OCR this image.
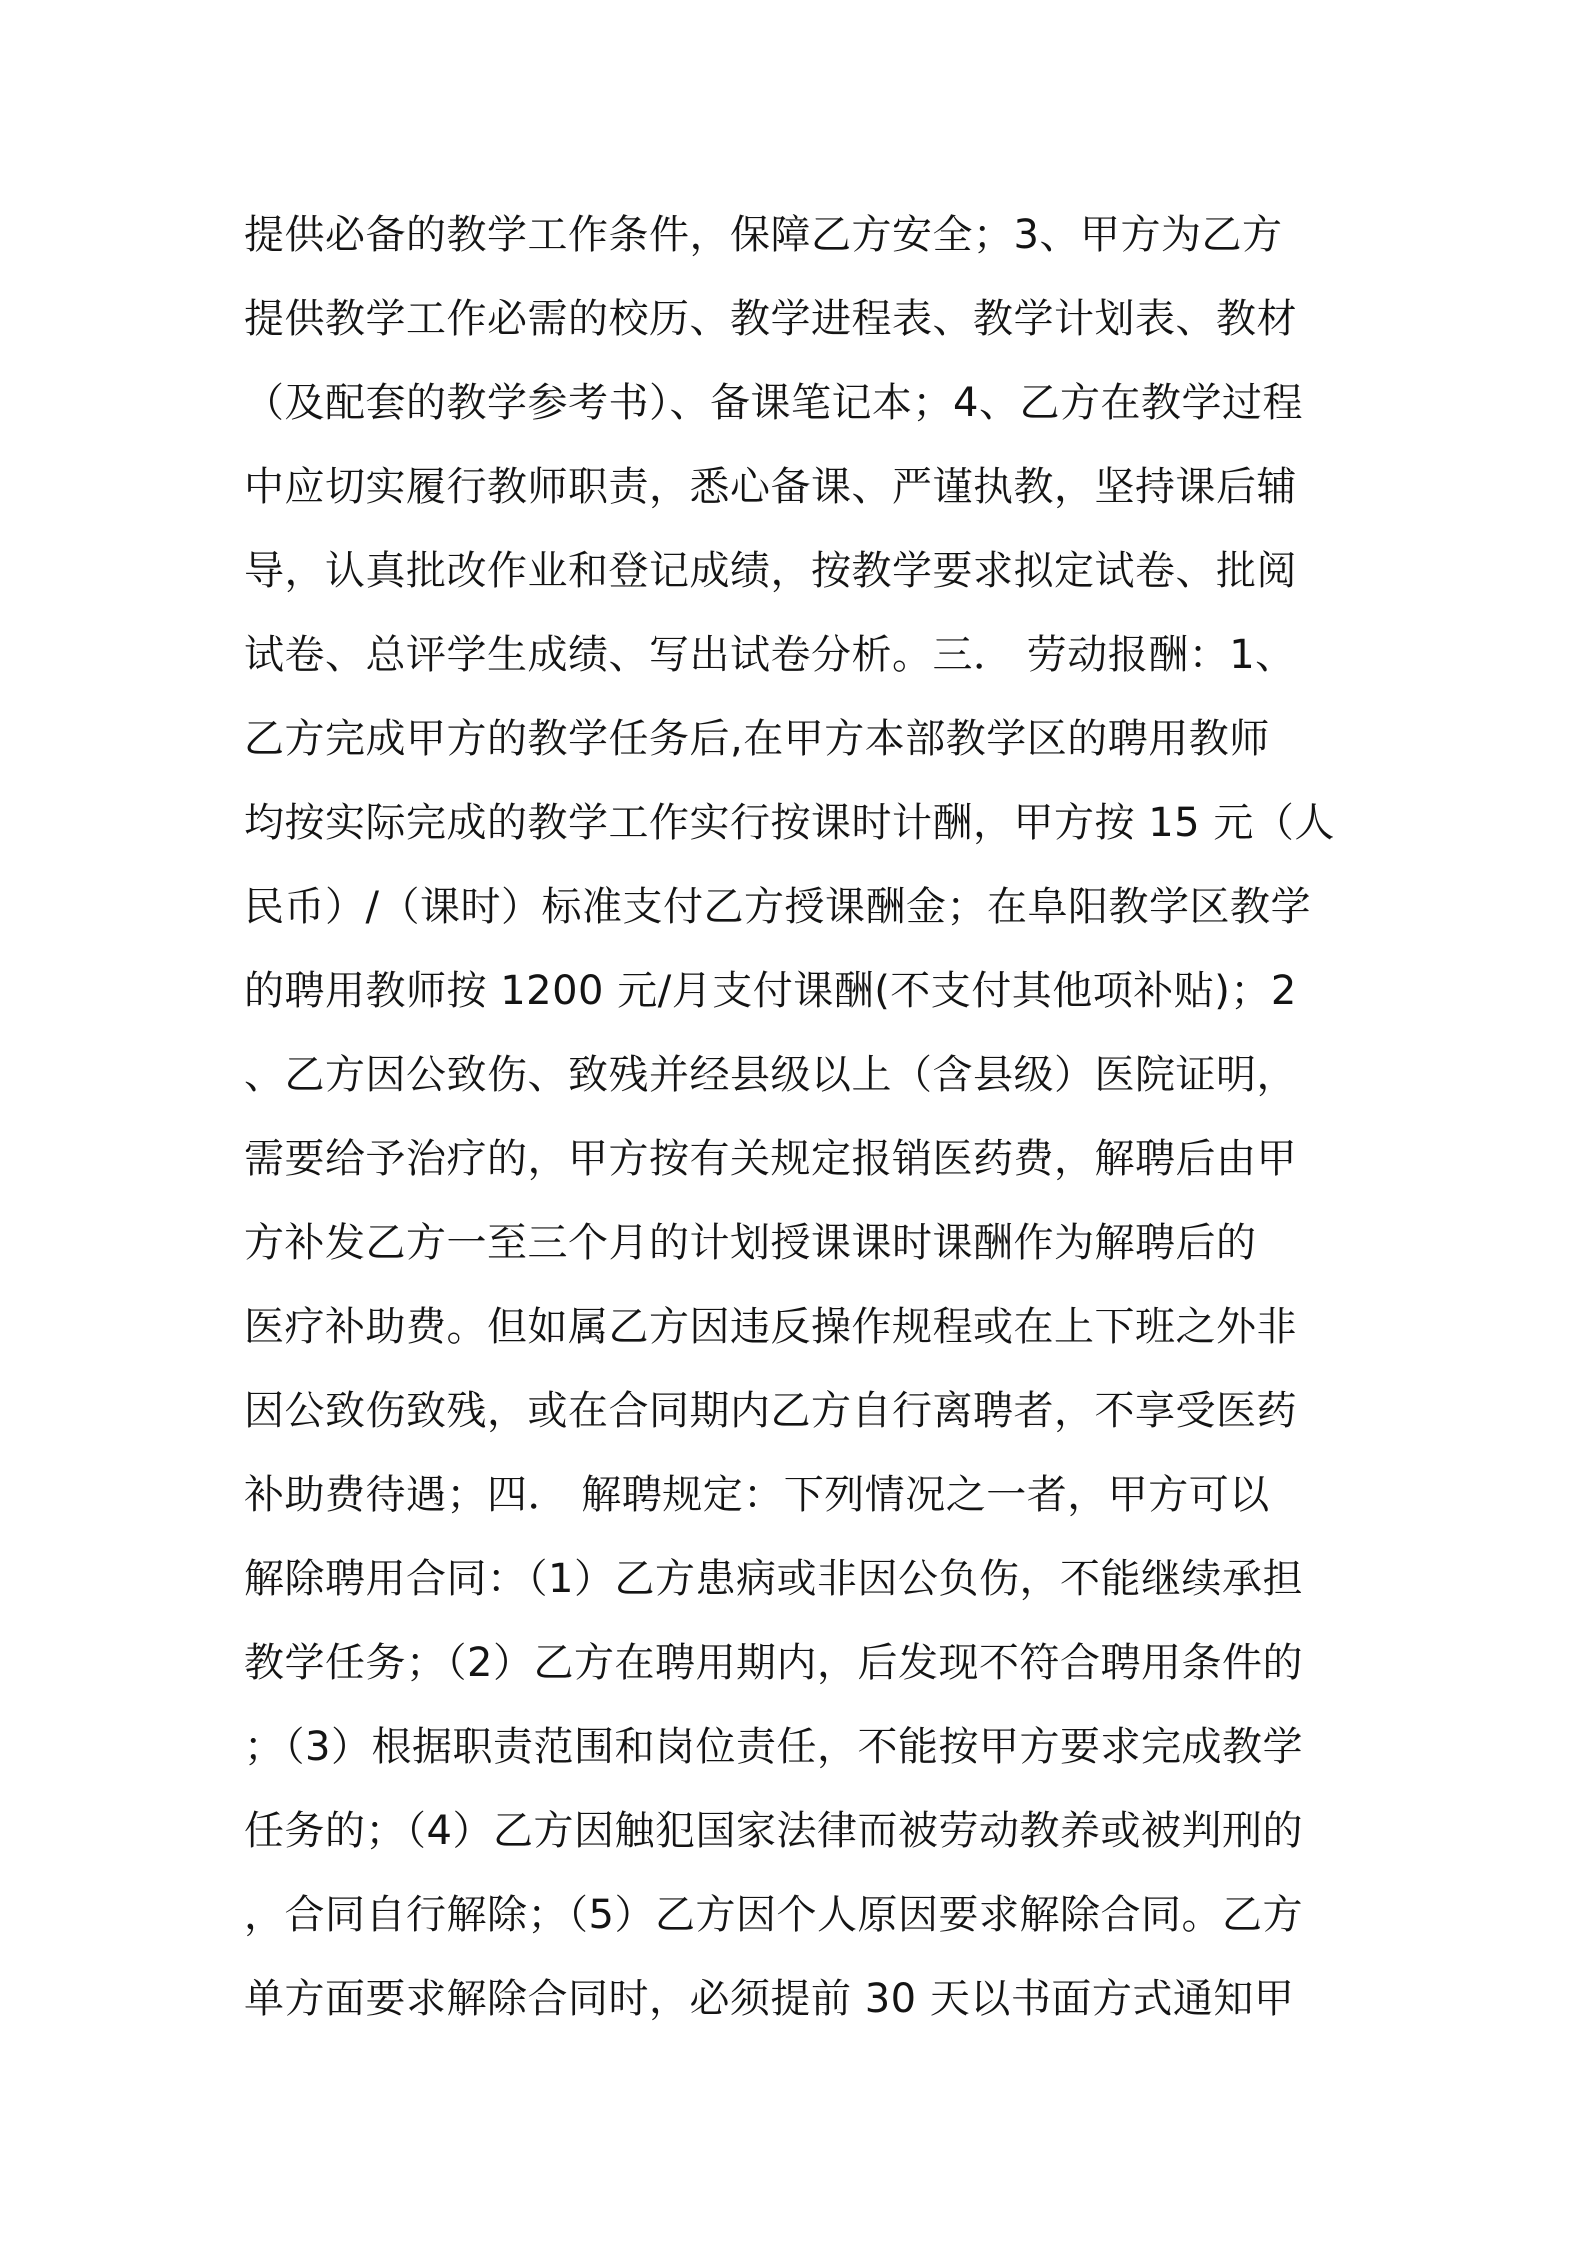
提供必备的教学工作条件，保障乙方安全；3、甲方为乙方
提供教学工作必需的校历、教学进程表、教学计划表、教材
（及配套的教学参考书）、备课笔记本；4、乙方在教学过程
中应切实履行教师职责，悉心备课、严谨执教，坚持课后辅
导，认真批改作业和登记成绩，按教学要求拟定试卷、批阅
试卷、总评学生成绩、写出试卷分析。三． 劳动报酬：1、
乙方完成甲方的教学任务后,在甲方本部教学区的聘用教师
均按实际完成的教学工作实行按课时计酬，甲方按 15 元（人
民币）/（课时）标准支付乙方授课酬金；在阜阳教学区教学
的聘用教师按 1200 元/月支付课酬(不支付其他项补贴)；2
、乙方因公致伤、致残并经县级以上（含县级）医院证明，
需要给予治疗的，甲方按有关规定报销医药费，解聘后由甲
方补发乙方一至三个月的计划授课课时课酬作为解聘后的
医疗补助费。但如属乙方因违反操作规程或在上下班之外非
因公致伤致残，或在合同期内乙方自行离聘者，不享受医药
补助费待遇；四． 解聘规定：下列情况之一者，甲方可以
解除聘用合同：（1）乙方患病或非因公负伤，不能继续承担
教学任务；（2）乙方在聘用期内，后发现不符合聘用条件的
；（3）根据职责范围和岗位责任，不能按甲方要求完成教学
任务的；（4）乙方因触犯国家法律而被劳动教养或被判刑的
，合同自行解除；（5）乙方因个人原因要求解除合同。乙方
单方面要求解除合同时，必须提前 30 天以书面方式通知甲
